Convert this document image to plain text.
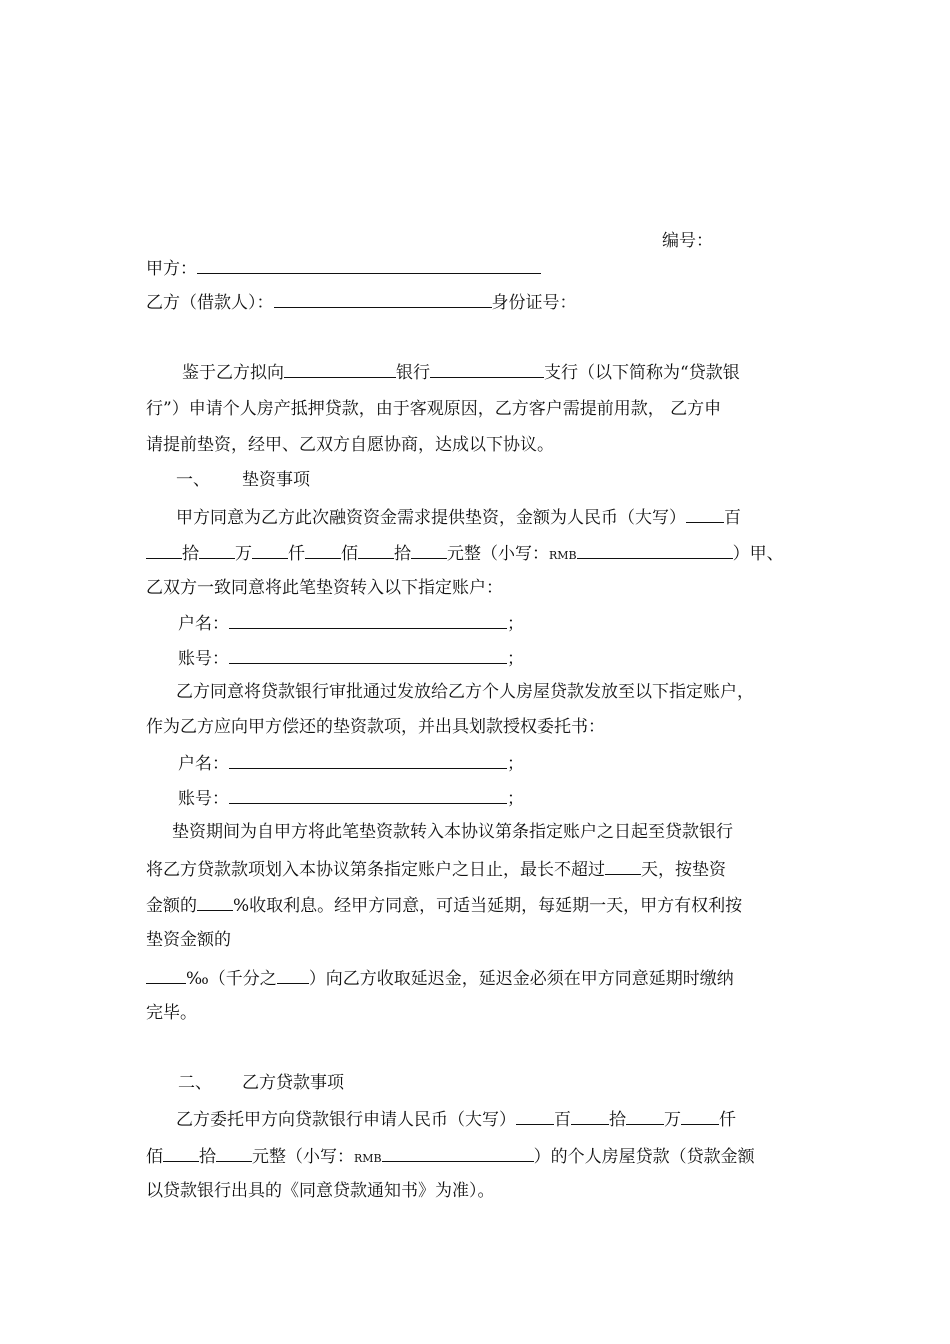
编号：
甲方：
乙方（借款人）：	身份证号：
鉴于乙方拟向	银行	支行（以下简称为“贷款银
行”）申请个人房产抵押贷款，由于客观原因，乙方客户需提前用款， 乙方申
请提前垫资，经甲、乙双方自愿协商，达成以下协议。
一、 垫资事项
甲方同意为乙方此次融资资金需求提供垫资，金额为人民币（大写） 百
拾 万 仟 佰 拾 元整（小写：RMB	）甲、
乙双方一致同意将此笔垫资转入以下指定账户：
户名：	；
账号：	；
乙方同意将贷款银行审批通过发放给乙方个人房屋贷款发放至以下指定账户，
作为乙方应向甲方偿还的垫资款项，并出具划款授权委托书：
户名：	；
账号：	；
垫资期间为自甲方将此笔垫资款转入本协议第条指定账户之日起至贷款银行
将乙方贷款款项划入本协议第条指定账户之日止，最长不超过 天，按垫资
金额的 %收取利息。经甲方同意，可适当延期，每延期一天，甲方有权利按
垫资金额的
‰（千分之 ）向乙方收取延迟金，延迟金必须在甲方同意延期时缴纳
完毕。
二、 乙方贷款事项
乙方委托甲方向贷款银行申请人民币（大写） 百 拾 万 仟
佰 拾 元整（小写：RMB	）的个人房屋贷款（贷款金额
以贷款银行出具的《同意贷款通知书》为准）。
